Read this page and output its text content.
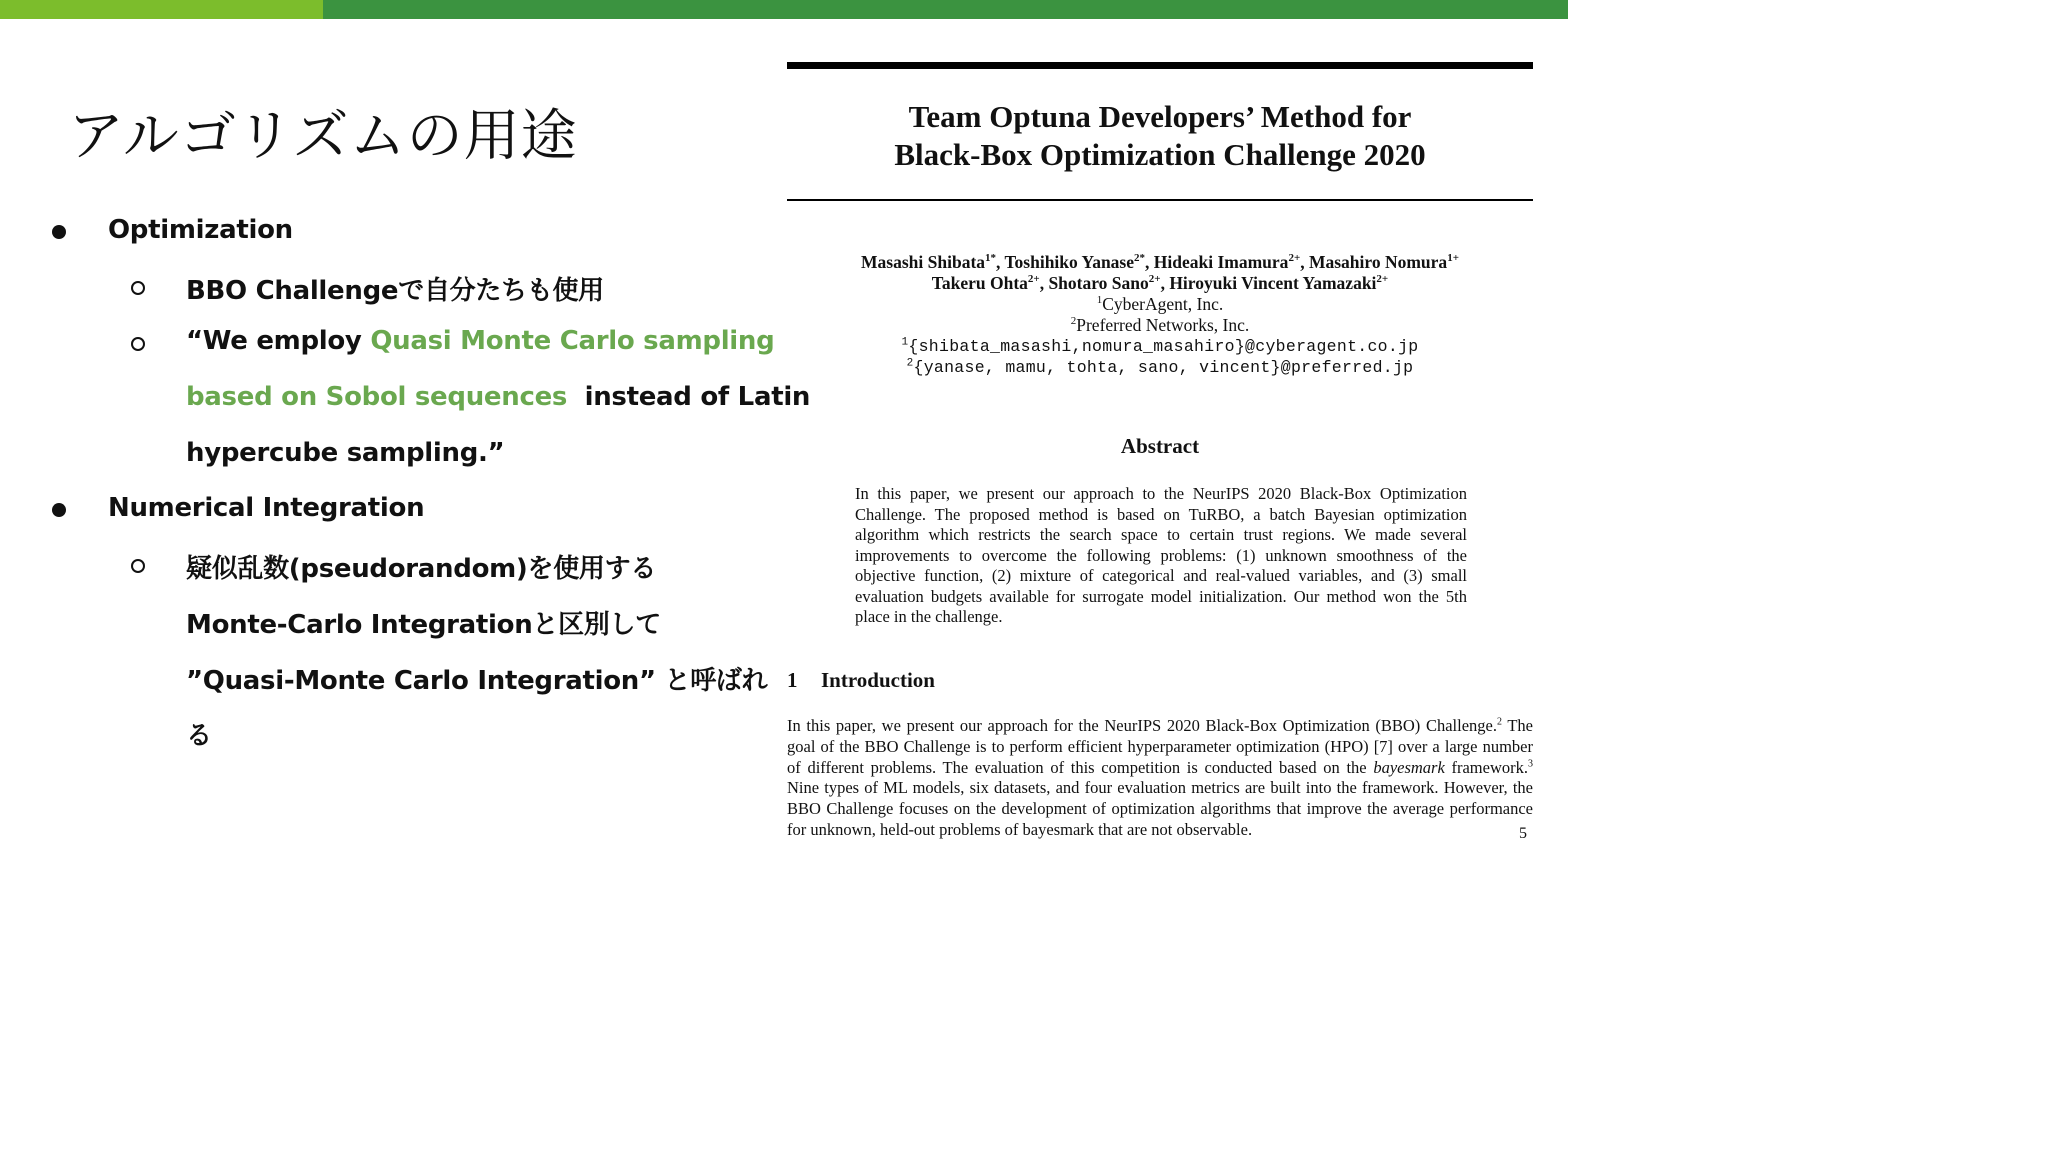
アルゴリズムの用途
Optimization
BBO Challengeで自分たちも使用
“We employ Quasi Monte Carlo sampling
based on Sobol sequences  instead of Latin
hypercube sampling.”
Numerical Integration
疑似乱数(pseudorandom)を使用する
Monte-Carlo Integrationと区別して
”Quasi-Monte Carlo Integration” と呼ばれ
る
Team Optuna Developers’ Method for
Black-Box Optimization Challenge 2020
Masashi Shibata$^{1*}$, Toshihiko Yanase$^{2*}$, Hideaki Imamura$^{2+}$, Masahiro Nomura$^{1+}$
Takeru Ohta$^{2+}$, Shotaro Sano$^{2+}$, Hiroyuki Vincent Yamazaki$^{2+}$
$^1$CyberAgent, Inc.
$^2$Preferred Networks, Inc.
$^1${shibata_masashi,nomura_masahiro}@cyberagent.co.jp
$^2${yanase, mamu, tohta, sano, vincent}@preferred.jp
Abstract
In this paper, we present our approach to the NeurIPS 2020 Black-Box Optimization Challenge. The proposed method is based on TuRBO, a batch Bayesian optimization algorithm which restricts the search space to certain trust regions. We made several improvements to overcome the following problems: (1) unknown smoothness of the objective function, (2) mixture of categorical and real-valued variables, and (3) small evaluation budgets available for surrogate model initialization. Our method won the 5th place in the challenge.
1 Introduction
In this paper, we present our approach for the NeurIPS 2020 Black-Box Optimization (BBO) Challenge.$^2$ The goal of the BBO Challenge is to perform efficient hyperparameter optimization (HPO) [7] over a large number of different problems. The evaluation of this competition is conducted based on the bayesmark framework.$^3$ Nine types of ML models, six datasets, and four evaluation metrics are built into the framework. However, the BBO Challenge focuses on the development of optimization algorithms that improve the average performance for unknown, held-out problems of bayesmark that are not observable.	5
